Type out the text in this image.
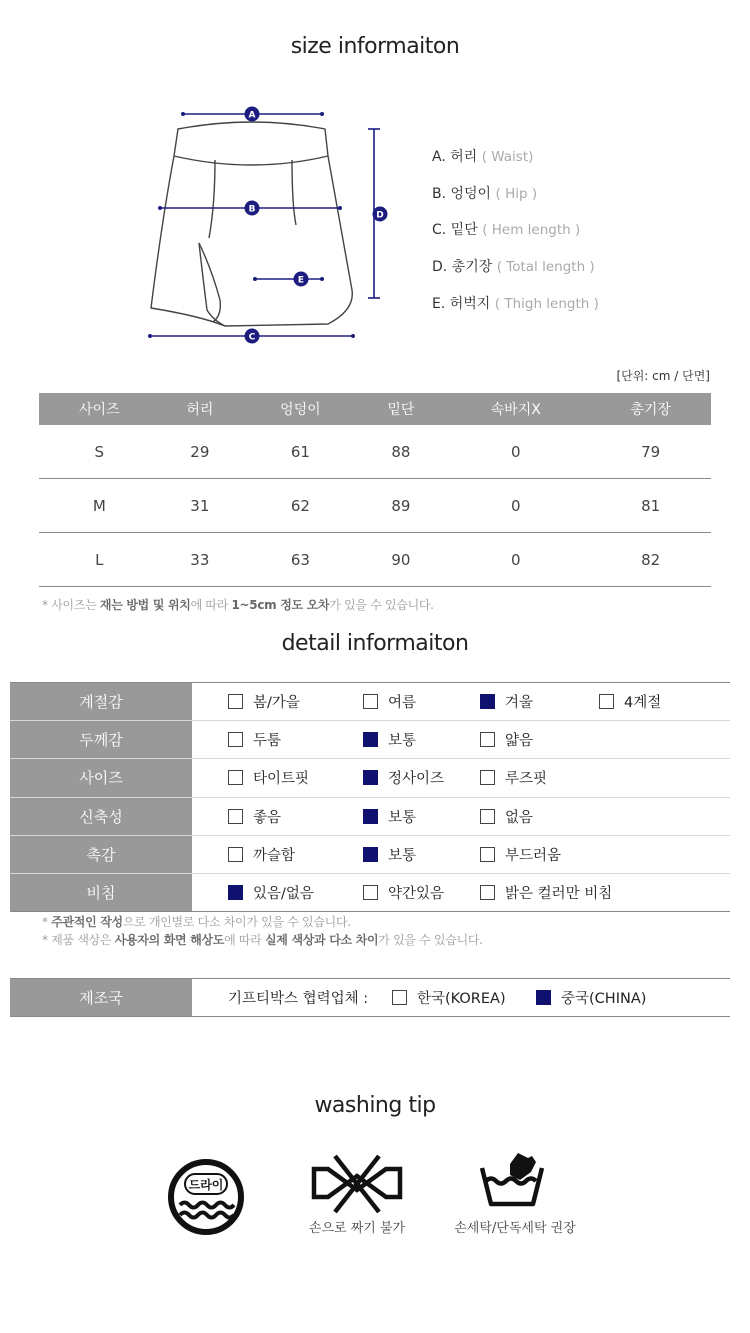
size informaiton
A
B
C
E
D
A. 허리 ( Waist)
B. 엉덩이 ( Hip )
C. 밑단 ( Hem length )
D. 총기장 ( Total length )
E. 허벅지 ( Thigh length )
[단위: cm / 단면]
사이즈	허리	엉덩이	밑단	속바지X	총기장
S	29	61	88	0	79
M	31	62	89	0	81
L	33	63	90	0	82
* 사이즈는 재는 방법 및 위치에 따라 1~5cm 정도 오차가 있을 수 있습니다.
detail informaiton
계절감	봄/가을	여름	겨울	4계절
두께감	두툼	보통	얇음
사이즈	타이트핏	정사이즈	루즈핏
신축성	좋음	보통	없음
촉감	까슬함	보통	부드러움
비침	있음/없음	약간있음	밝은 컬러만 비침
* 주관적인 작성으로 개인별로 다소 차이가 있을 수 있습니다.
* 제품 색상은 사용자의 화면 해상도에 따라 실제 색상과 다소 차이가 있을 수 있습니다.
제조국	기프티박스 협력업체 :	한국(KOREA)	중국(CHINA)
washing tip
드라이
손으로 짜기 불가	손세탁/단독세탁 권장
